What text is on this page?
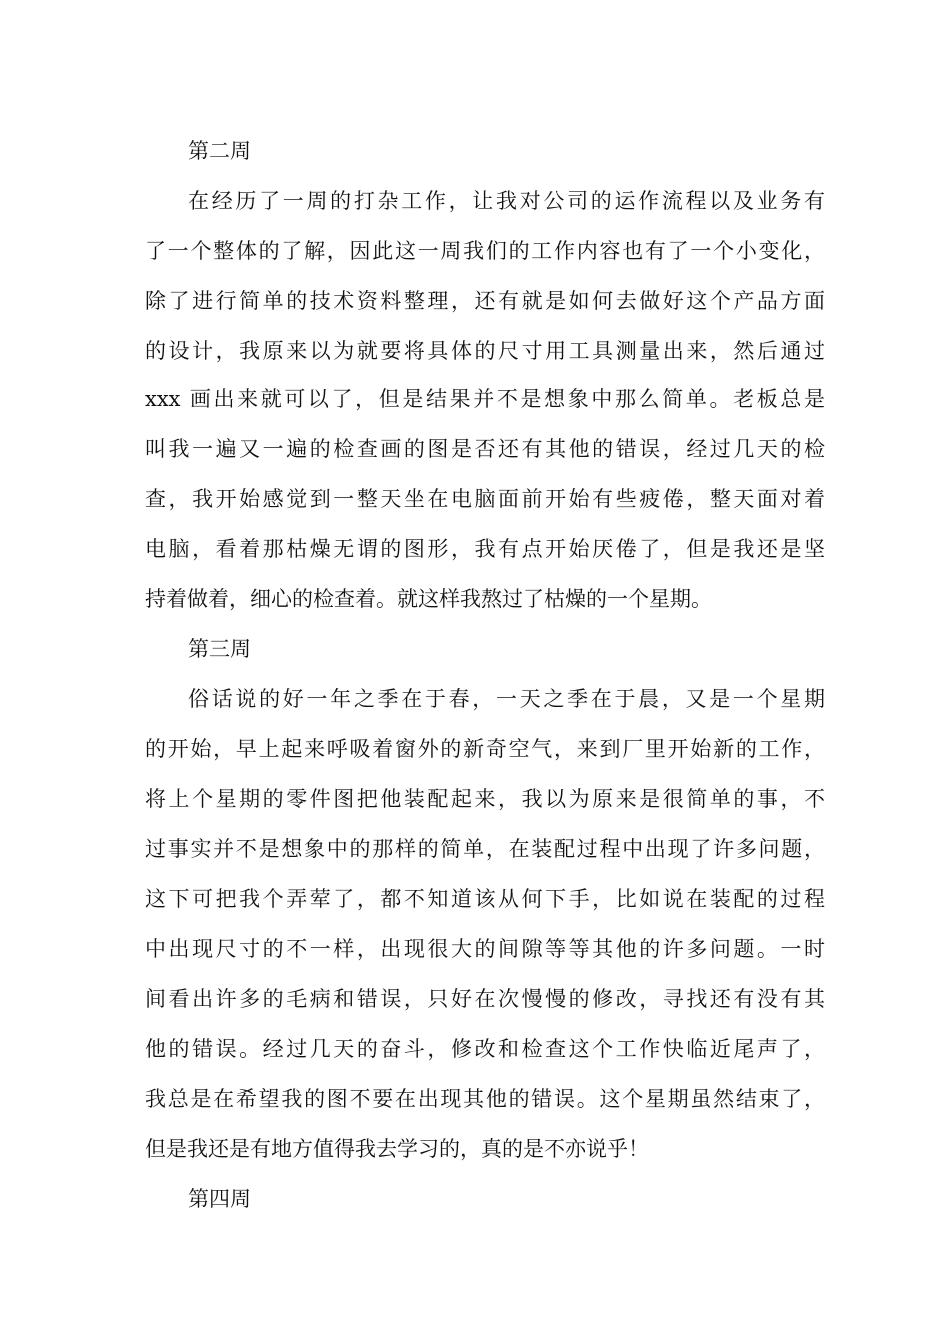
第二周
在经历了一周的打杂工作，让我对公司的运作流程以及业务有
了一个整体的了解，因此这一周我们的工作内容也有了一个小变化，
除了进行简单的技术资料整理，还有就是如何去做好这个产品方面
的设计，我原来以为就要将具体的尺寸用工具测量出来，然后通过
xxx 画出来就可以了，但是结果并不是想象中那么简单。老板总是
叫我一遍又一遍的检查画的图是否还有其他的错误，经过几天的检
查，我开始感觉到一整天坐在电脑面前开始有些疲倦，整天面对着
电脑，看着那枯燥无谓的图形，我有点开始厌倦了，但是我还是坚
持着做着，细心的检查着。就这样我熬过了枯燥的一个星期。
第三周
俗话说的好一年之季在于春，一天之季在于晨，又是一个星期
的开始，早上起来呼吸着窗外的新奇空气，来到厂里开始新的工作，
将上个星期的零件图把他装配起来，我以为原来是很简单的事，不
过事实并不是想象中的那样的简单，在装配过程中出现了许多问题，
这下可把我个弄荤了，都不知道该从何下手，比如说在装配的过程
中出现尺寸的不一样，出现很大的间隙等等其他的许多问题。一时
间看出许多的毛病和错误，只好在次慢慢的修改，寻找还有没有其
他的错误。经过几天的奋斗，修改和检查这个工作快临近尾声了，
我总是在希望我的图不要在出现其他的错误。这个星期虽然结束了，
但是我还是有地方值得我去学习的，真的是不亦说乎！
第四周
